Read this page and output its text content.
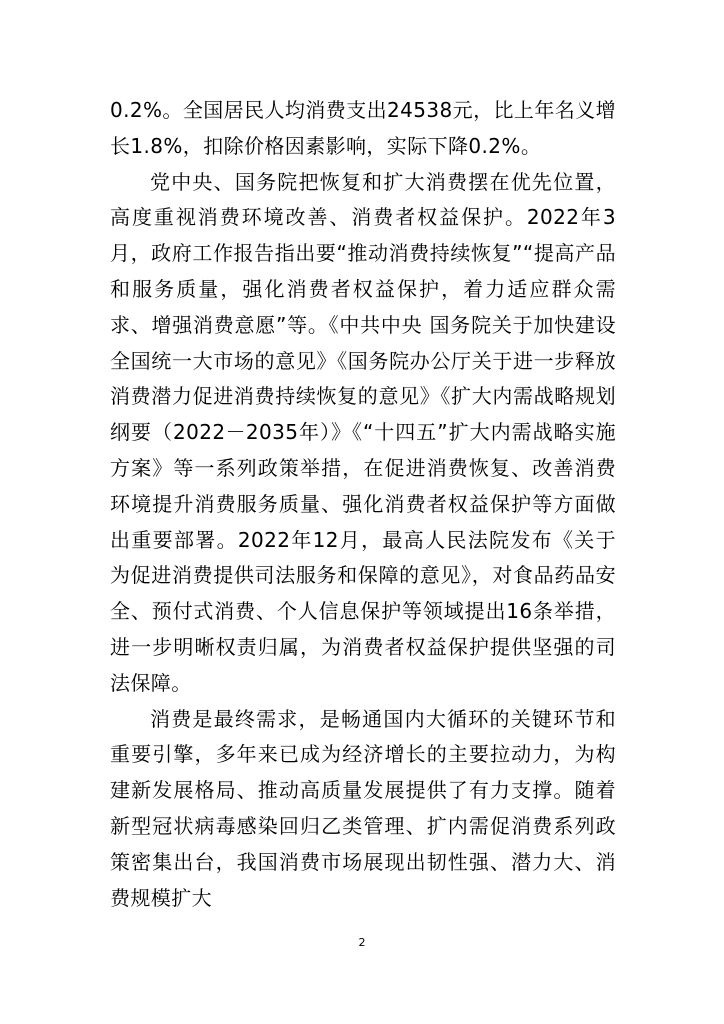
0.2%。全国居民人均消费支出24538元，比上年名义增长1.8%，扣除价格因素影响，实际下降0.2%。

党中央、国务院把恢复和扩大消费摆在优先位置，高度重视消费环境改善、消费者权益保护。2022年3月，政府工作报告指出要“推动消费持续恢复”“提高产品和服务质量，强化消费者权益保护，着力适应群众需求、增强消费意愿”等。《中共中央 国务院关于加快建设全国统一大市场的意见》《国务院办公厅关于进一步释放消费潜力促进消费持续恢复的意见》《扩大内需战略规划纲要（2022－2035年）》《“十四五”扩大内需战略实施方案》等一系列政策举措，在促进消费恢复、改善消费环境提升消费服务质量、强化消费者权益保护等方面做出重要部署。2022年12月，最高人民法院发布《关于为促进消费提供司法服务和保障的意见》，对食品药品安全、预付式消费、个人信息保护等领域提出16条举措，进一步明晰权责归属，为消费者权益保护提供坚强的司法保障。

消费是最终需求，是畅通国内大循环的关键环节和重要引擎，多年来已成为经济增长的主要拉动力，为构建新发展格局、推动高质量发展提供了有力支撑。随着新型冠状病毒感染回归乙类管理、扩内需促消费系列政策密集出台，我国消费市场展现出韧性强、潜力大、消费规模扩大

2
